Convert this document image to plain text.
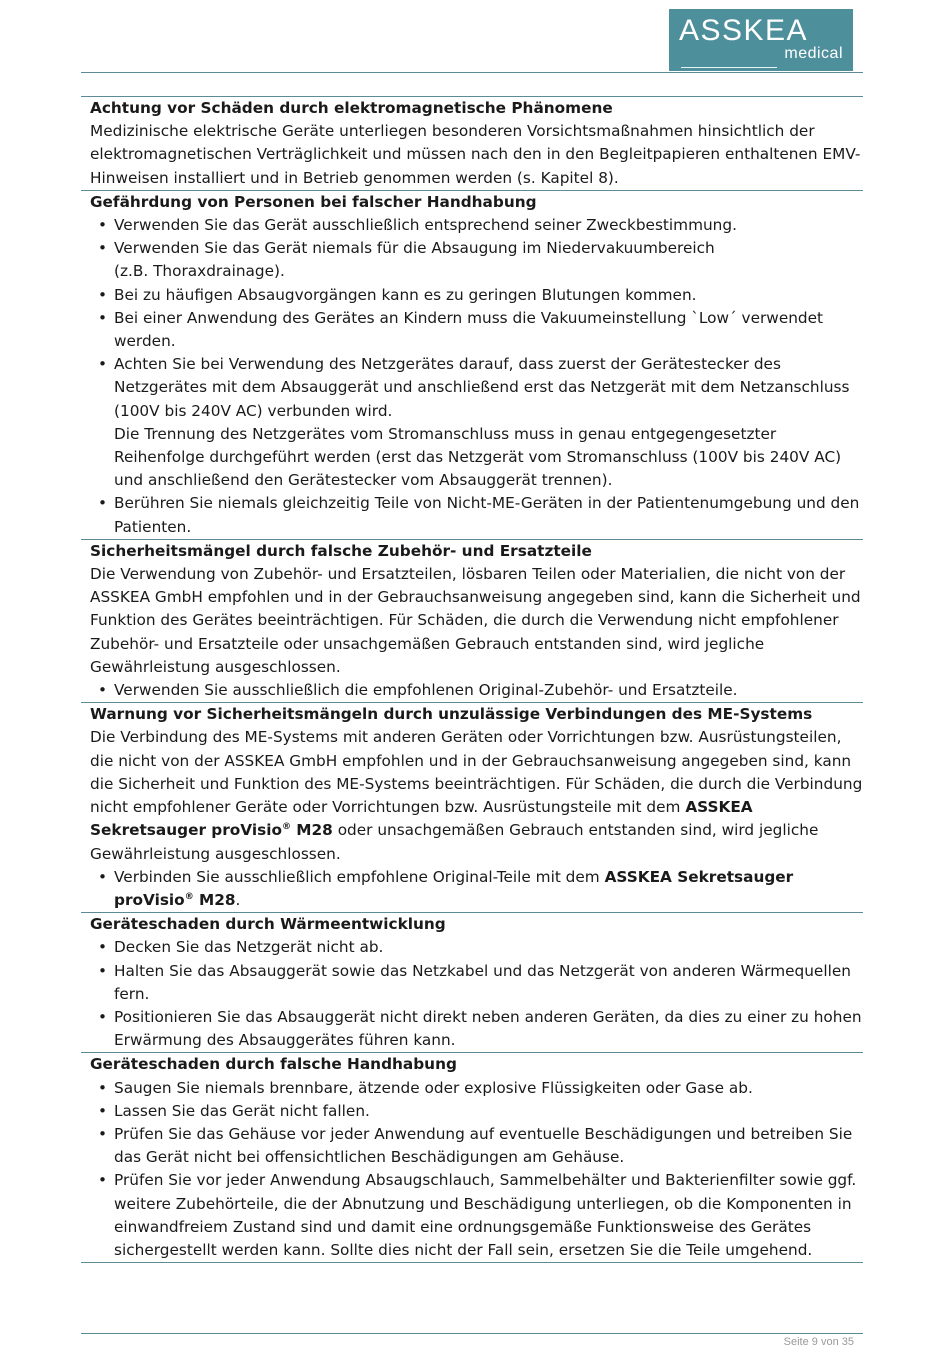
ASSKEA
medical
Achtung vor Schäden durch elektromagnetische Phänomene

Medizinische elektrische Geräte unterliegen besonderen Vorsichtsmaßnahmen hinsichtlich der elektromagnetischen Verträglichkeit und müssen nach den in den Begleitpapieren enthaltenen EMV-Hinweisen installiert und in Betrieb genommen werden (s. Kapitel 8).

Gefährdung von Personen bei falscher Handhabung
• Verwenden Sie das Gerät ausschließlich entsprechend seiner Zweckbestimmung.
• Verwenden Sie das Gerät niemals für die Absaugung im Niedervakuumbereich (z.B. Thoraxdrainage).
• Bei zu häufigen Absaugvorgängen kann es zu geringen Blutungen kommen.
• Bei einer Anwendung des Gerätes an Kindern muss die Vakuumeinstellung `Low´ verwendet werden.
• Achten Sie bei Verwendung des Netzgerätes darauf, dass zuerst der Gerätestecker des Netzgerätes mit dem Absauggerät und anschließend erst das Netzgerät mit dem Netzanschluss (100V bis 240V AC) verbunden wird.
Die Trennung des Netzgerätes vom Stromanschluss muss in genau entgegengesetzter Reihenfolge durchgeführt werden (erst das Netzgerät vom Stromanschluss (100V bis 240V AC) und anschließend den Gerätestecker vom Absauggerät trennen).
• Berühren Sie niemals gleichzeitig Teile von Nicht-ME-Geräten in der Patientenumgebung und den Patienten.
Sicherheitsmängel durch falsche Zubehör- und Ersatzteile

Die Verwendung von Zubehör- und Ersatzteilen, lösbaren Teilen oder Materialien, die nicht von der ASSKEA GmbH empfohlen und in der Gebrauchsanweisung angegeben sind, kann die Sicherheit und Funktion des Gerätes beeinträchtigen. Für Schäden, die durch die Verwendung nicht empfohlener Zubehör- und Ersatzteile oder unsachgemäßen Gebrauch entstanden sind, wird jegliche Gewährleistung ausgeschlossen.

• Verwenden Sie ausschließlich die empfohlenen Original-Zubehör- und Ersatzteile.
Warnung vor Sicherheitsmängeln durch unzulässige Verbindungen des ME-Systems

Die Verbindung des ME-Systems mit anderen Geräten oder Vorrichtungen bzw. Ausrüstungsteilen, die nicht von der ASSKEA GmbH empfohlen und in der Gebrauchsanweisung angegeben sind, kann die Sicherheit und Funktion des ME-Systems beeinträchtigen. Für Schäden, die durch die Verbindung nicht empfohlener Geräte oder Vorrichtungen bzw. Ausrüstungsteile mit dem ASSKEA Sekretsauger proVisio® M28 oder unsachgemäßen Gebrauch entstanden sind, wird jegliche Gewährleistung ausgeschlossen.

• Verbinden Sie ausschließlich empfohlene Original-Teile mit dem ASSKEA Sekretsauger proVisio® M28.
Geräteschaden durch Wärmeentwicklung
• Decken Sie das Netzgerät nicht ab.
• Halten Sie das Absauggerät sowie das Netzkabel und das Netzgerät von anderen Wärmequellen fern.
• Positionieren Sie das Absauggerät nicht direkt neben anderen Geräten, da dies zu einer zu hohen Erwärmung des Absauggerätes führen kann.
Geräteschaden durch falsche Handhabung
• Saugen Sie niemals brennbare, ätzende oder explosive Flüssigkeiten oder Gase ab.
• Lassen Sie das Gerät nicht fallen.
• Prüfen Sie das Gehäuse vor jeder Anwendung auf eventuelle Beschädigungen und betreiben Sie das Gerät nicht bei offensichtlichen Beschädigungen am Gehäuse.
• Prüfen Sie vor jeder Anwendung Absaugschlauch, Sammelbehälter und Bakterienfilter sowie ggf. weitere Zubehörteile, die der Abnutzung und Beschädigung unterliegen, ob die Komponenten in einwandfreiem Zustand sind und damit eine ordnungsgemäße Funktionsweise des Gerätes sichergestellt werden kann. Sollte dies nicht der Fall sein, ersetzen Sie die Teile umgehend.
Seite 9 von 35
